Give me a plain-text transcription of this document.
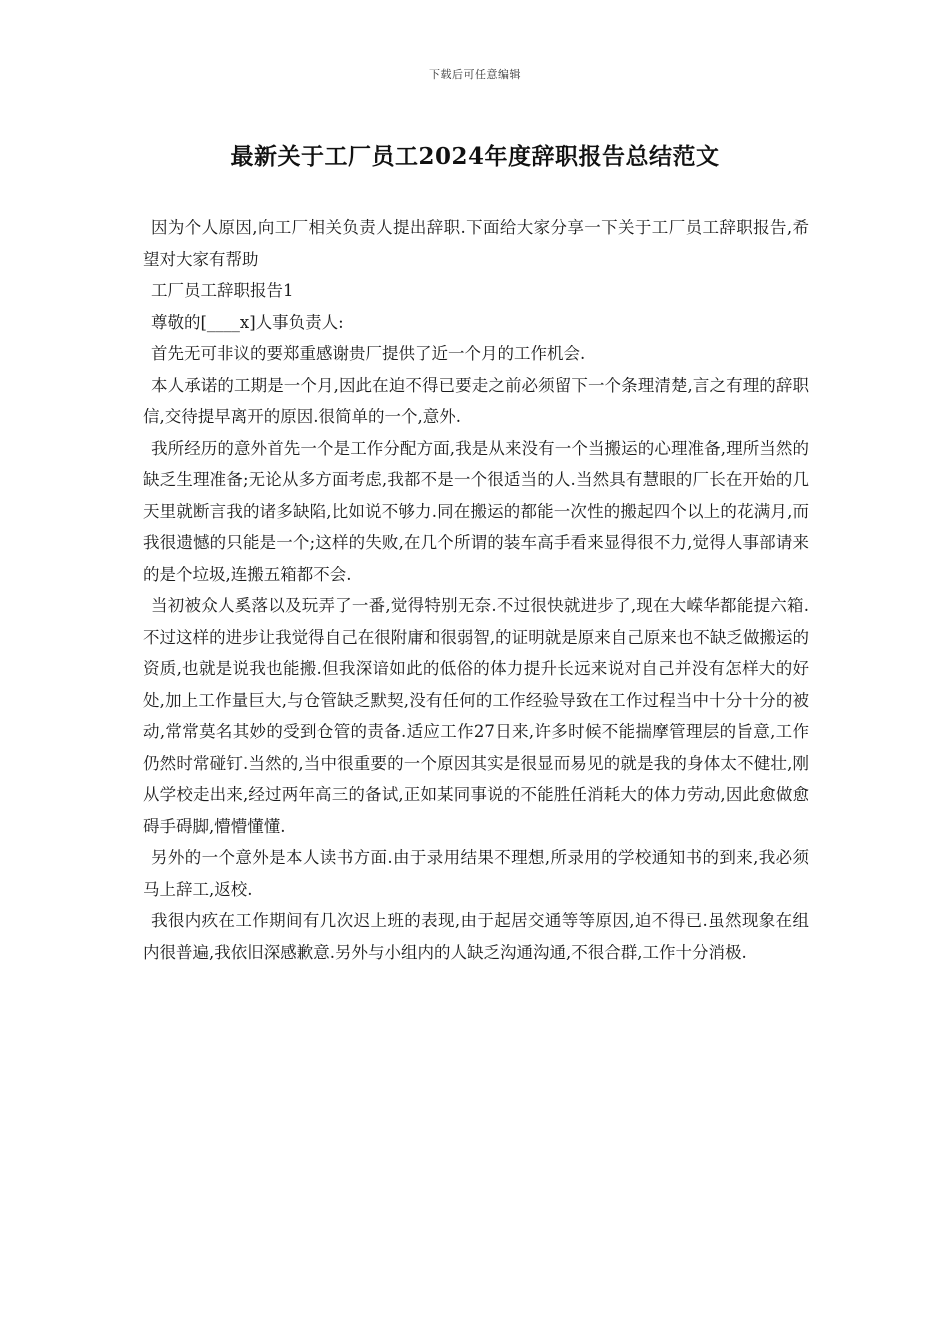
下载后可任意编辑
最新关于工厂员工2024年度辞职报告总结范文

因为个人原因,向工厂相关负责人提出辞职.下面给大家分享一下关于工厂员工辞职报告,希望对大家有帮助

工厂员工辞职报告1

尊敬的[____x]人事负责人:

首先无可非议的要郑重感谢贵厂提供了近一个月的工作机会.

本人承诺的工期是一个月,因此在迫不得已要走之前必须留下一个条理清楚,言之有理的辞职信,交待提早离开的原因.很简单的一个,意外.

我所经历的意外首先一个是工作分配方面,我是从来没有一个当搬运的心理准备,理所当然的缺乏生理准备;无论从多方面考虑,我都不是一个很适当的人.当然具有慧眼的厂长在开始的几天里就断言我的诸多缺陷,比如说不够力.同在搬运的都能一次性的搬起四个以上的花满月,而我很遗憾的只能是一个;这样的失败,在几个所谓的装车高手看来显得很不力,觉得人事部请来的是个垃圾,连搬五箱都不会.

当初被众人奚落以及玩弄了一番,觉得特别无奈.不过很快就进步了,现在大嵘华都能提六箱.不过这样的进步让我觉得自己在很附庸和很弱智,的证明就是原来自己原来也不缺乏做搬运的资质,也就是说我也能搬.但我深谙如此的低俗的体力提升长远来说对自己并没有怎样大的好处,加上工作量巨大,与仓管缺乏默契,没有任何的工作经验导致在工作过程当中十分十分的被动,常常莫名其妙的受到仓管的责备.适应工作27日来,许多时候不能揣摩管理层的旨意,工作仍然时常碰钉.当然的,当中很重要的一个原因其实是很显而易见的就是我的身体太不健壮,刚从学校走出来,经过两年高三的备试,正如某同事说的不能胜任消耗大的体力劳动,因此愈做愈碍手碍脚,懵懵懂懂.

另外的一个意外是本人读书方面.由于录用结果不理想,所录用的学校通知书的到来,我必须马上辞工,返校.

我很内疚在工作期间有几次迟上班的表现,由于起居交通等等原因,迫不得已.虽然现象在组内很普遍,我依旧深感歉意.另外与小组内的人缺乏沟通沟通,不很合群,工作十分消极.
